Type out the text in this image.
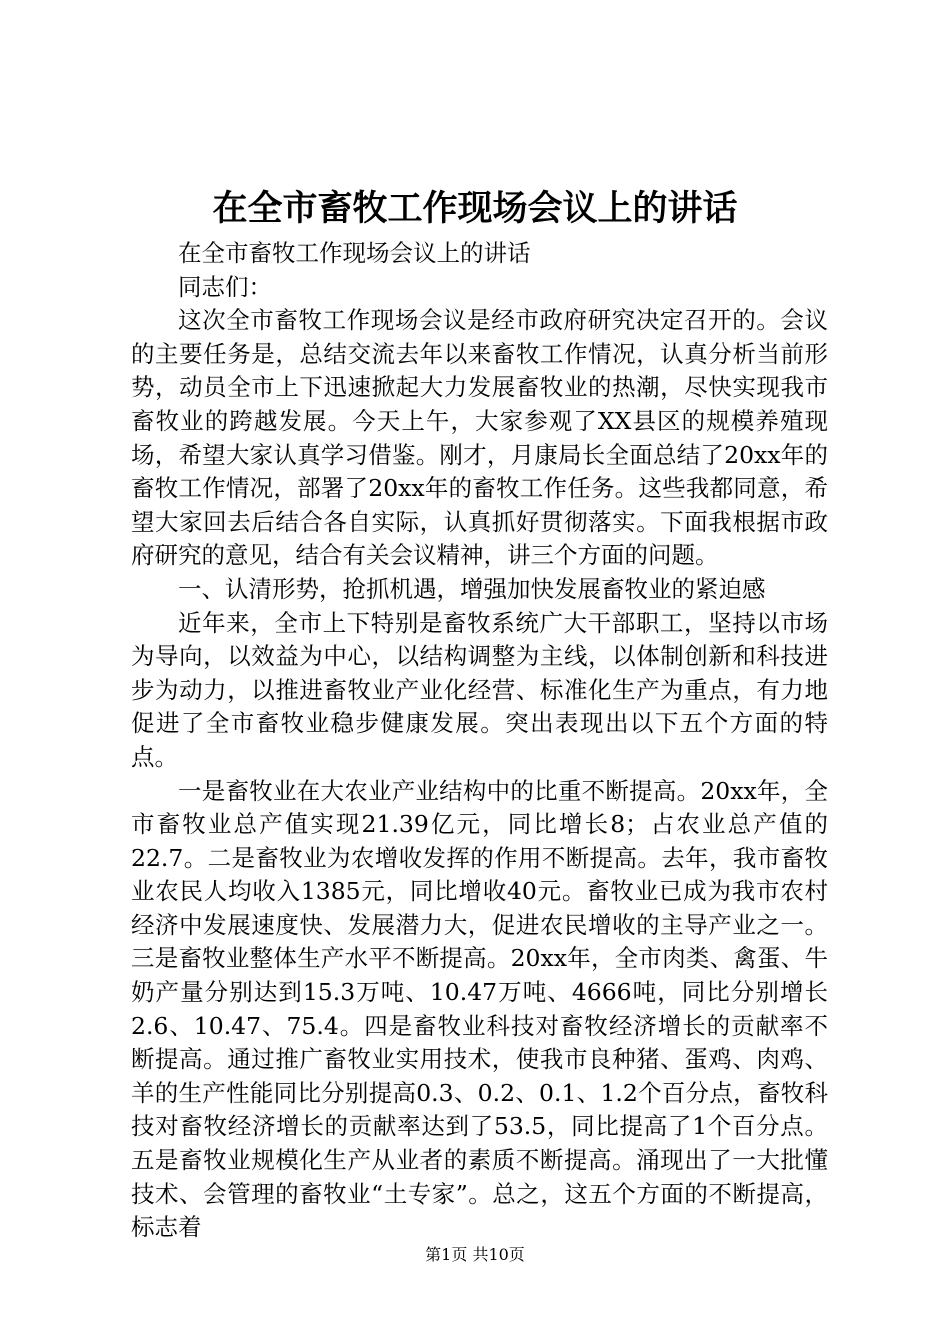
在全市畜牧工作现场会议上的讲话

在全市畜牧工作现场会议上的讲话

同志们：

这次全市畜牧工作现场会议是经市政府研究决定召开的。会议的主要任务是，总结交流去年以来畜牧工作情况，认真分析当前形势，动员全市上下迅速掀起大力发展畜牧业的热潮，尽快实现我市畜牧业的跨越发展。今天上午，大家参观了XX县区的规模养殖现场，希望大家认真学习借鉴。刚才，月康局长全面总结了20xx年的畜牧工作情况，部署了20xx年的畜牧工作任务。这些我都同意，希望大家回去后结合各自实际，认真抓好贯彻落实。下面我根据市政府研究的意见，结合有关会议精神，讲三个方面的问题。

一、认清形势，抢抓机遇，增强加快发展畜牧业的紧迫感

近年来，全市上下特别是畜牧系统广大干部职工，坚持以市场为导向，以效益为中心，以结构调整为主线，以体制创新和科技进步为动力，以推进畜牧业产业化经营、标准化生产为重点，有力地促进了全市畜牧业稳步健康发展。突出表现出以下五个方面的特点。

一是畜牧业在大农业产业结构中的比重不断提高。20xx年，全市畜牧业总产值实现21.39亿元，同比增长8；占农业总产值的22.7。二是畜牧业为农增收发挥的作用不断提高。去年，我市畜牧业农民人均收入1385元，同比增收40元。畜牧业已成为我市农村经济中发展速度快、发展潜力大，促进农民增收的主导产业之一。三是畜牧业整体生产水平不断提高。20xx年，全市肉类、禽蛋、牛奶产量分别达到15.3万吨、10.47万吨、4666吨，同比分别增长2.6、10.47、75.4。四是畜牧业科技对畜牧经济增长的贡献率不断提高。通过推广畜牧业实用技术，使我市良种猪、蛋鸡、肉鸡、羊的生产性能同比分别提高0.3、0.2、0.1、1.2个百分点，畜牧科技对畜牧经济增长的贡献率达到了53.5，同比提高了1个百分点。五是畜牧业规模化生产从业者的素质不断提高。涌现出了一大批懂技术、会管理的畜牧业“土专家”。总之，这五个方面的不断提高，标志着

第1页 共10页
